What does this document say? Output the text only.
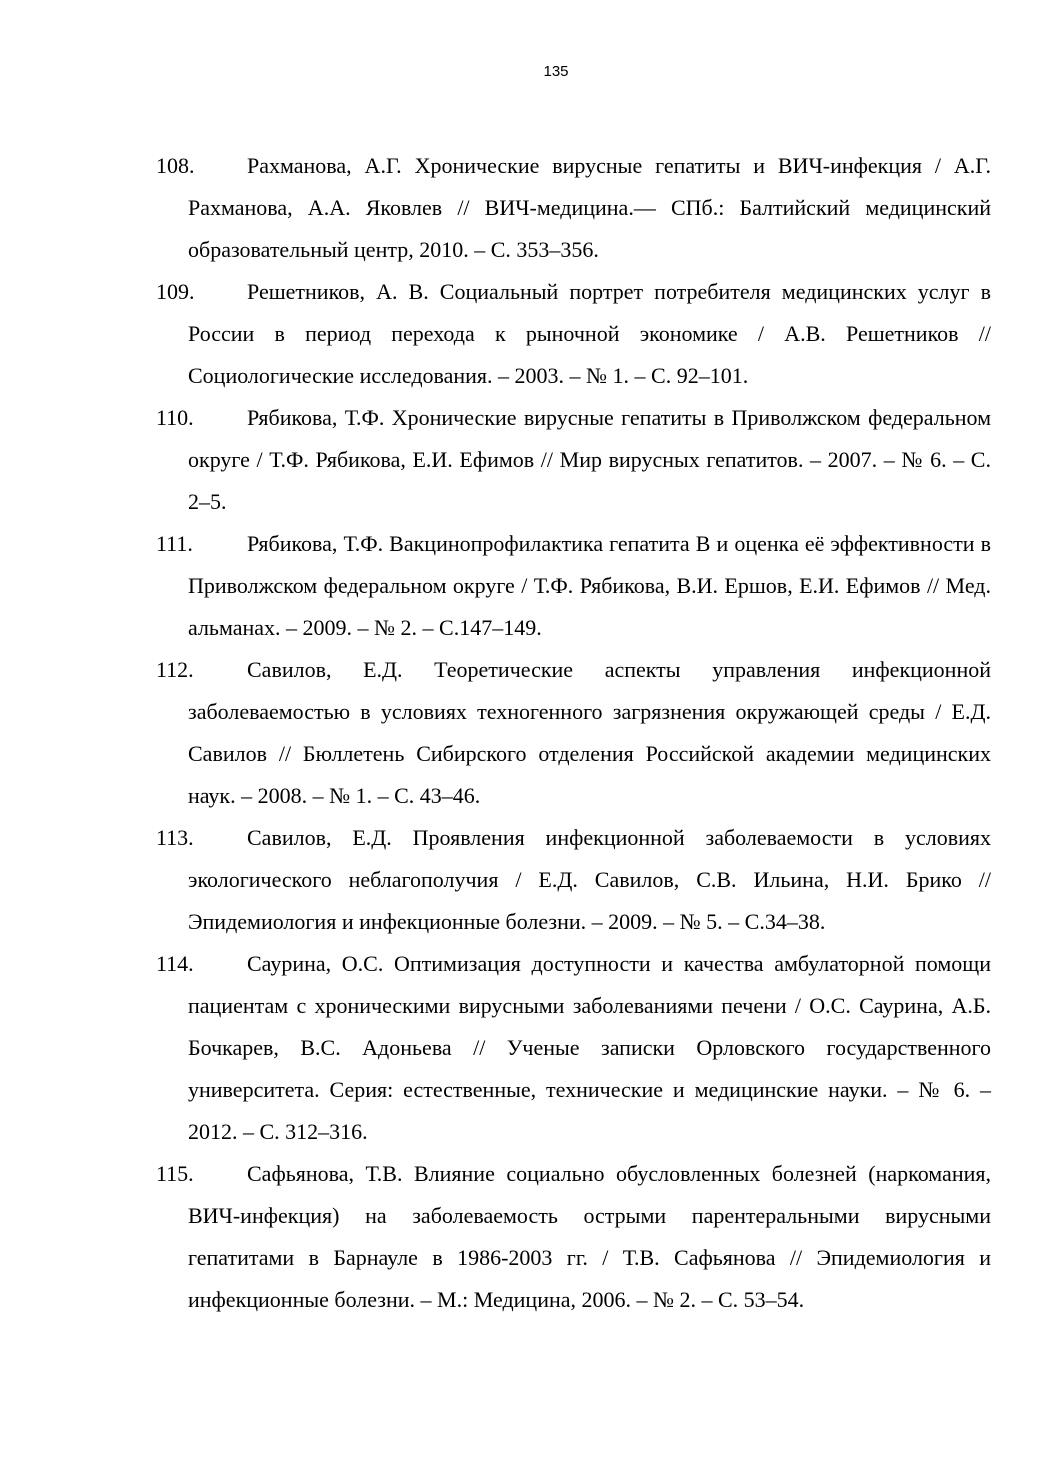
135
108.	Рахманова, А.Г. Хронические вирусные гепатиты и ВИЧ-инфекция / А.Г. Рахманова, А.А. Яковлев // ВИЧ-медицина.— СПб.: Балтийский медицинский образовательный центр, 2010. – С. 353–356.
109.	Решетников, А. В. Социальный портрет потребителя медицинских услуг в России в период перехода к рыночной экономике / А.В. Решетников // Социологические исследования. – 2003. – № 1. – С. 92–101.
110.	Рябикова, Т.Ф. Хронические вирусные гепатиты в Приволжском федеральном округе / Т.Ф. Рябикова, Е.И. Ефимов // Мир вирусных гепатитов. – 2007. – № 6. – С. 2–5.
111.	Рябикова, Т.Ф. Вакцинопрофилактика гепатита В и оценка её эффективности в Приволжском федеральном округе / Т.Ф. Рябикова, В.И. Ершов, Е.И. Ефимов // Мед. альманах. – 2009. – № 2. – С.147–149.
112.	Савилов, Е.Д. Теоретические аспекты управления инфекционной заболеваемостью в условиях техногенного загрязнения окружающей среды / Е.Д. Савилов // Бюллетень Сибирского отделения Российской академии медицинских наук. – 2008. – № 1. – С. 43–46.
113.	Савилов, Е.Д. Проявления инфекционной заболеваемости в условиях экологического неблагополучия / Е.Д. Савилов, С.В. Ильина, Н.И. Брико // Эпидемиология и инфекционные болезни. – 2009. – № 5. – С.34–38.
114.	Саурина, О.С. Оптимизация доступности и качества амбулаторной помощи пациентам с хроническими вирусными заболеваниями печени / О.С. Саурина, А.Б. Бочкарев, В.С. Адоньева // Ученые записки Орловского государственного университета. Серия: естественные, технические и медицинские науки. – № 6. – 2012. – С. 312–316.
115.	Сафьянова, Т.В. Влияние социально обусловленных болезней (наркомания, ВИЧ-инфекция) на заболеваемость острыми парентеральными вирусными гепатитами в Барнауле в 1986-2003 гг. / Т.В. Сафьянова // Эпидемиология и инфекционные болезни. – М.: Медицина, 2006. – № 2. – С. 53–54.
